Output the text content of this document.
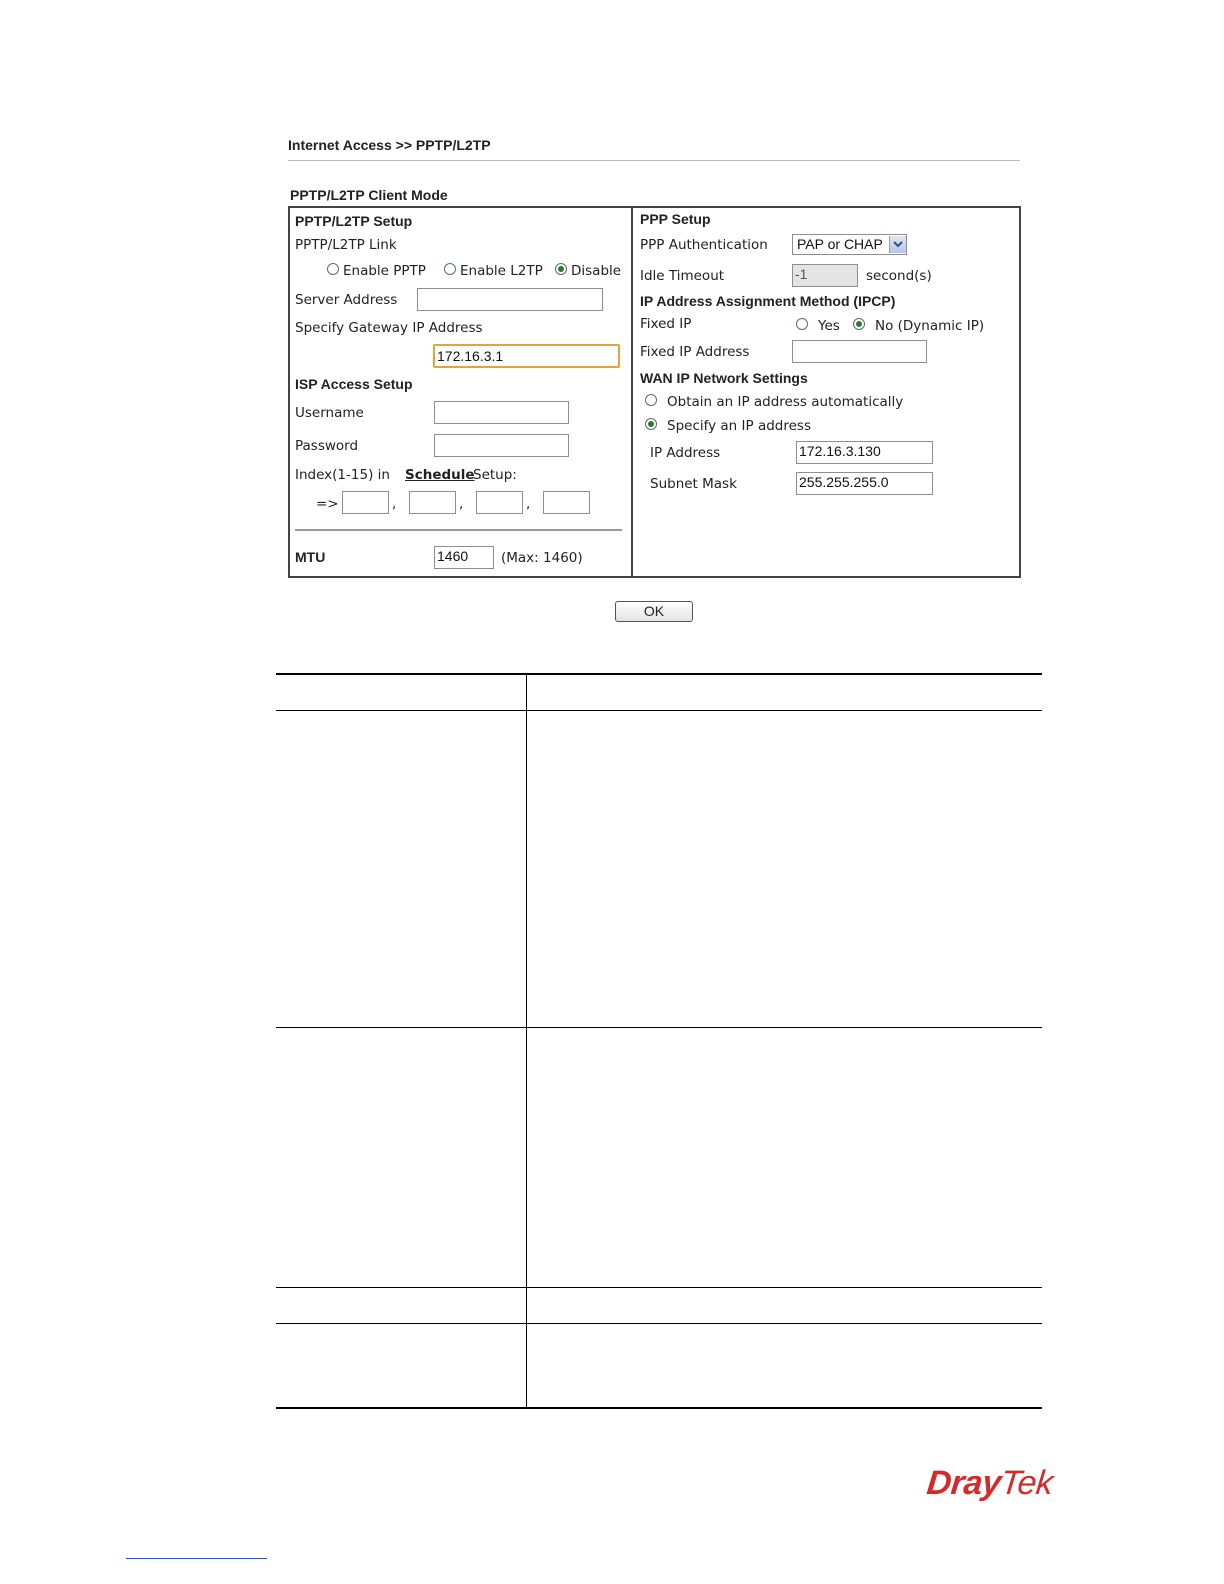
Internet Access >> PPTP/L2TP
PPTP/L2TP Client Mode
PPTP/L2TP Setup
PPTP/L2TP Link
Enable PPTP	Enable L2TP Disable
Server Address
Specify Gateway IP Address
172.16.3.1
ISP Access Setup
Username
Password
Index(1-15) in Schedule
Setup:
=>	,	,	,
MTU	1460	(Max: 1460)
PPP Setup
PPP Authentication	PAP or CHAP
Idle Timeout	-1	second(s)
IP Address Assignment Method (IPCP)
Fixed IP	Yes	No (Dynamic IP)
Fixed IP Address
WAN IP Network Settings
Obtain an IP address automatically
Specify an IP address
IP Address	172.16.3.130
Subnet Mask	255.255.255.0
OK
DrayTek
